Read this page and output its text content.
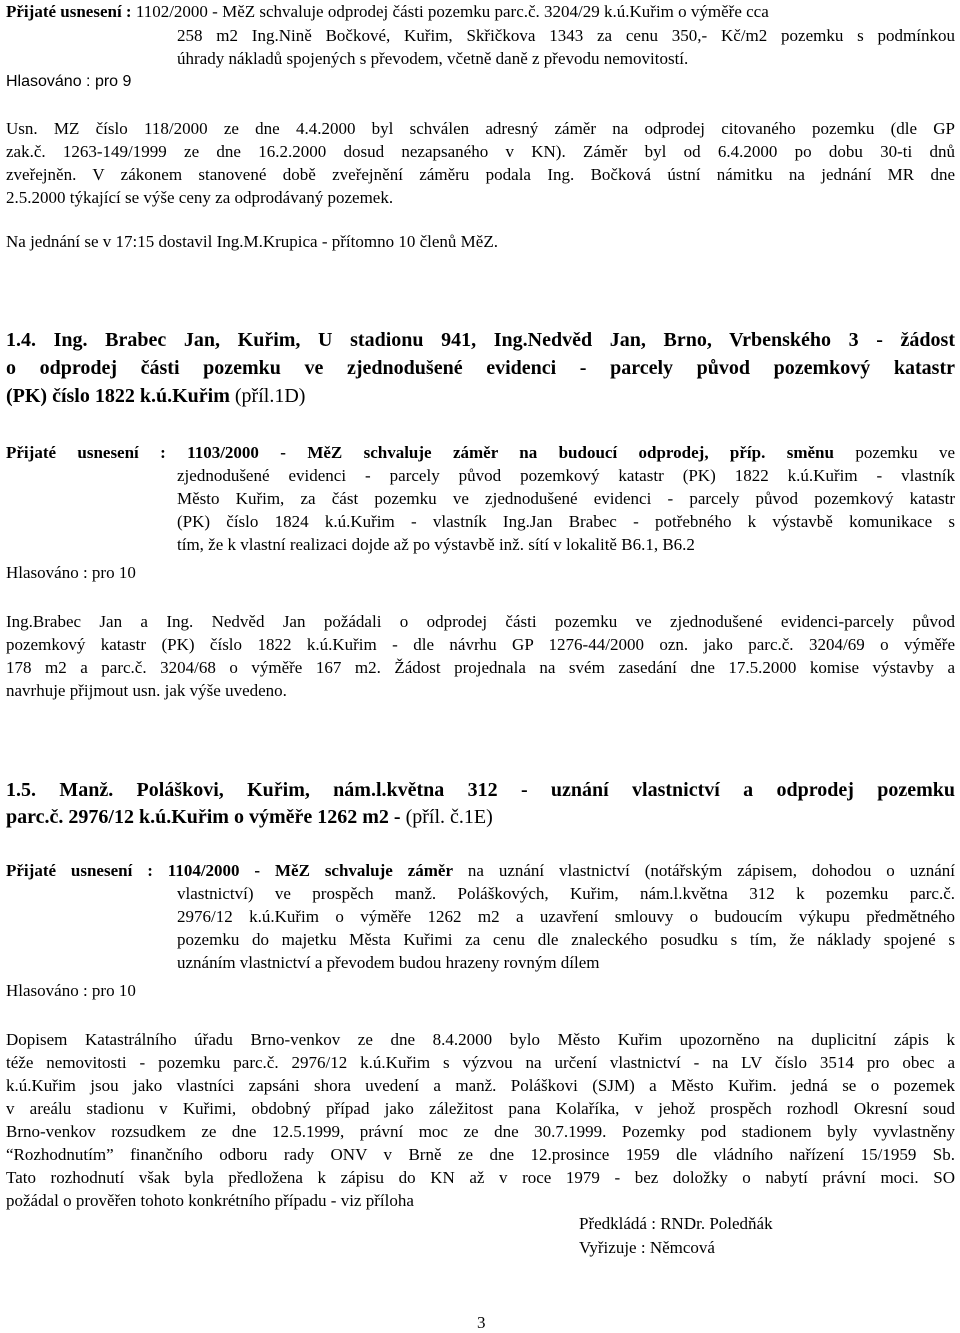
Přijaté usnesení : 1102/2000 - MěZ schvaluje odprodej části pozemku parc.č. 3204/29 k.ú.Kuřim o výměře cca
258 m2 Ing.Nině Bočkové, Kuřim, Skřičkova 1343 za cenu 350,- Kč/m2 pozemku s podmínkou
úhrady nákladů spojených s převodem, včetně daně z převodu nemovitostí.
Hlasováno : pro 9
Usn. MZ číslo 118/2000 ze dne 4.4.2000 byl schválen adresný záměr na odprodej citovaného pozemku (dle GP
zak.č. 1263-149/1999 ze dne 16.2.2000 dosud nezapsaného v KN). Záměr byl od 6.4.2000 po dobu 30-ti dnů
zveřejněn. V zákonem stanovené době zveřejnění záměru podala Ing. Bočková ústní námitku na jednání MR dne
2.5.2000 týkající se výše ceny za odprodávaný pozemek.
Na jednání se v 17:15 dostavil Ing.M.Krupica - přítomno 10 členů MěZ.
1.4. Ing. Brabec Jan, Kuřim, U stadionu 941, Ing.Nedvěd Jan, Brno, Vrbenského 3 - žádost
o odprodej části pozemku ve zjednodušené evidenci - parcely původ pozemkový katastr
(PK) číslo 1822 k.ú.Kuřim (příl.1D)
Přijaté usnesení : 1103/2000 - MěZ schvaluje záměr na budoucí odprodej, příp. směnu pozemku ve
zjednodušené evidenci - parcely původ pozemkový katastr (PK) 1822 k.ú.Kuřim - vlastník
Město Kuřim, za část pozemku ve zjednodušené evidenci - parcely původ pozemkový katastr
(PK) číslo 1824 k.ú.Kuřim - vlastník Ing.Jan Brabec - potřebného k výstavbě komunikace s
tím, že k vlastní realizaci dojde až po výstavbě inž. sítí v lokalitě B6.1, B6.2
Hlasováno : pro 10
Ing.Brabec Jan a Ing. Nedvěd Jan požádali o odprodej části pozemku ve zjednodušené evidenci-parcely původ
pozemkový katastr (PK) číslo 1822 k.ú.Kuřim - dle návrhu GP 1276-44/2000 ozn. jako parc.č. 3204/69 o výměře
178 m2 a parc.č. 3204/68 o výměře 167 m2. Žádost projednala na svém zasedání dne 17.5.2000 komise výstavby a
navrhuje přijmout usn. jak výše uvedeno.
1.5. Manž. Poláškovi, Kuřim, nám.l.května 312 - uznání vlastnictví a odprodej pozemku
parc.č. 2976/12 k.ú.Kuřim o výměře 1262 m2 - (příl. č.1E)
Přijaté usnesení : 1104/2000 - MěZ schvaluje záměr na uznání vlastnictví (notářským zápisem, dohodou o uznání
vlastnictví) ve prospěch manž. Poláškových, Kuřim, nám.l.května 312 k pozemku parc.č.
2976/12 k.ú.Kuřim o výměře 1262 m2 a uzavření smlouvy o budoucím výkupu předmětného
pozemku do majetku Města Kuřimi za cenu dle znaleckého posudku s tím, že náklady spojené s
uznáním vlastnictví a převodem budou hrazeny rovným dílem
Hlasováno : pro 10
Dopisem Katastrálního úřadu Brno-venkov ze dne 8.4.2000 bylo Město Kuřim upozorněno na duplicitní zápis k
téže nemovitosti - pozemku parc.č. 2976/12 k.ú.Kuřim s výzvou na určení vlastnictví - na LV číslo 3514 pro obec a
k.ú.Kuřim jsou jako vlastníci zapsáni shora uvedení a manž. Poláškovi (SJM) a Město Kuřim. jedná se o pozemek
v areálu stadionu v Kuřimi, obdobný případ jako záležitost pana Kolaříka, v jehož prospěch rozhodl Okresní soud
Brno-venkov rozsudkem ze dne 12.5.1999, právní moc ze dne 30.7.1999. Pozemky pod stadionem byly vyvlastněny
“Rozhodnutím” finančního odboru rady ONV v Brně ze dne 12.prosince 1959 dle vládního nařízení 15/1959 Sb.
Tato rozhodnutí však byla předložena k zápisu do KN až v roce 1979 - bez doložky o nabytí právní moci. SO
požádal o prověřen tohoto konkrétního případu - viz příloha
Předkládá : RNDr. Poledňák
Vyřizuje : Němcová
3
